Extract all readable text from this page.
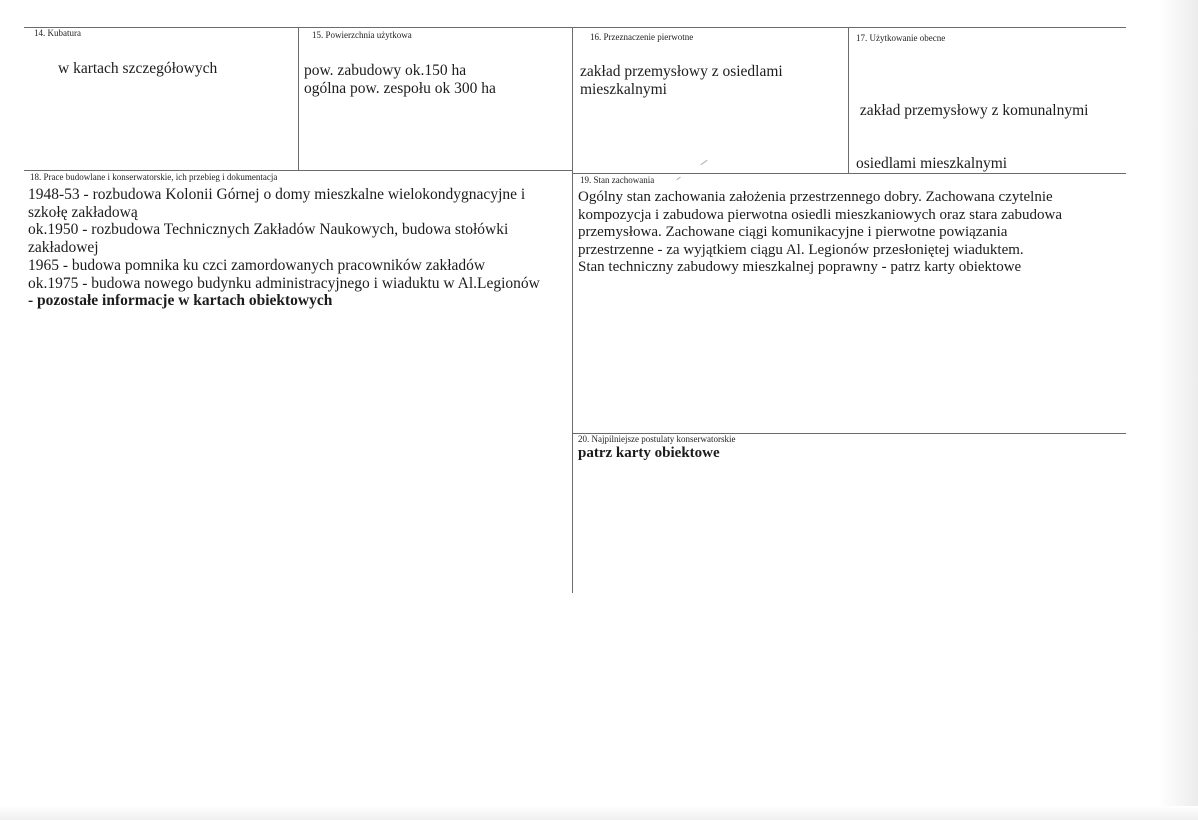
14. Kubatura
w kartach szczegółowych
15. Powierzchnia użytkowa
pow. zabudowy ok.150 ha
ogólna pow. zespołu ok 300 ha
16. Przeznaczenie pierwotne
zakład przemysłowy z osiedlami
mieszkalnymi
17. Użytkowanie obecne

zakład przemysłowy z komunalnymi

osiedlami mieszkalnymi

18. Prace budowlane i konserwatorskie, ich przebieg i dokumentacja
1948-53 - rozbudowa Kolonii Górnej o domy mieszkalne wielokondygnacyjne i
szkołę zakładową
ok.1950 - rozbudowa Technicznych Zakładów Naukowych, budowa stołówki
zakładowej
1965 - budowa pomnika ku czci zamordowanych pracowników zakładów
ok.1975 - budowa nowego budynku administracyjnego i wiaduktu w Al.Legionów
- pozostałe informacje w kartach obiektowych
19. Stan zachowania
Ogólny stan zachowania założenia przestrzennego dobry. Zachowana czytelnie
kompozycja i zabudowa pierwotna osiedli mieszkaniowych oraz stara zabudowa
przemysłowa. Zachowane ciągi komunikacyjne i pierwotne powiązania
przestrzenne - za wyjątkiem ciągu Al. Legionów przesłoniętej wiaduktem.
Stan techniczny zabudowy mieszkalnej poprawny - patrz karty obiektowe
20. Najpilniejsze postulaty konserwatorskie
patrz karty obiektowe
